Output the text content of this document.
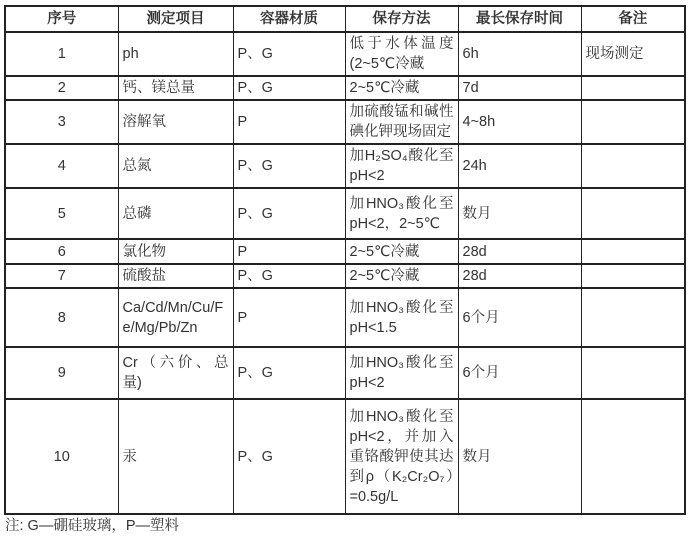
序号	测定项目	容器材质	保存方法	最长保存时间	备注
1	ph	P、G	低于水体温度(2~5℃冷藏	6h	现场测定
2	钙、镁总量	P、G	2~5℃冷藏	7d	
3	溶解氧	P	加硫酸锰和碱性碘化钾现场固定	4~8h	
4	总氮	P、G	加H₂SO₄酸化至pH<2	24h	
5	总磷	P、G	加HNO₃酸化至pH<2，2~5℃	数月	
6	氯化物	P	2~5℃冷藏	28d	
7	硫酸盐	P、G	2~5℃冷藏	28d	
8	Ca/Cd/Mn/Cu/Fe/Mg/Pb/Zn	P	加HNO₃酸化至pH<1.5	6个月	
9	Cr（六价、总量)	P、G	加HNO₃酸化至pH<2	6个月	
10	汞	P、G	加HNO₃酸化至pH<2，并加入重铬酸钾使其达到ρ（K₂Cr₂O₇）=0.5g/L	数月	
注: G—硼硅玻璃，P—塑料
